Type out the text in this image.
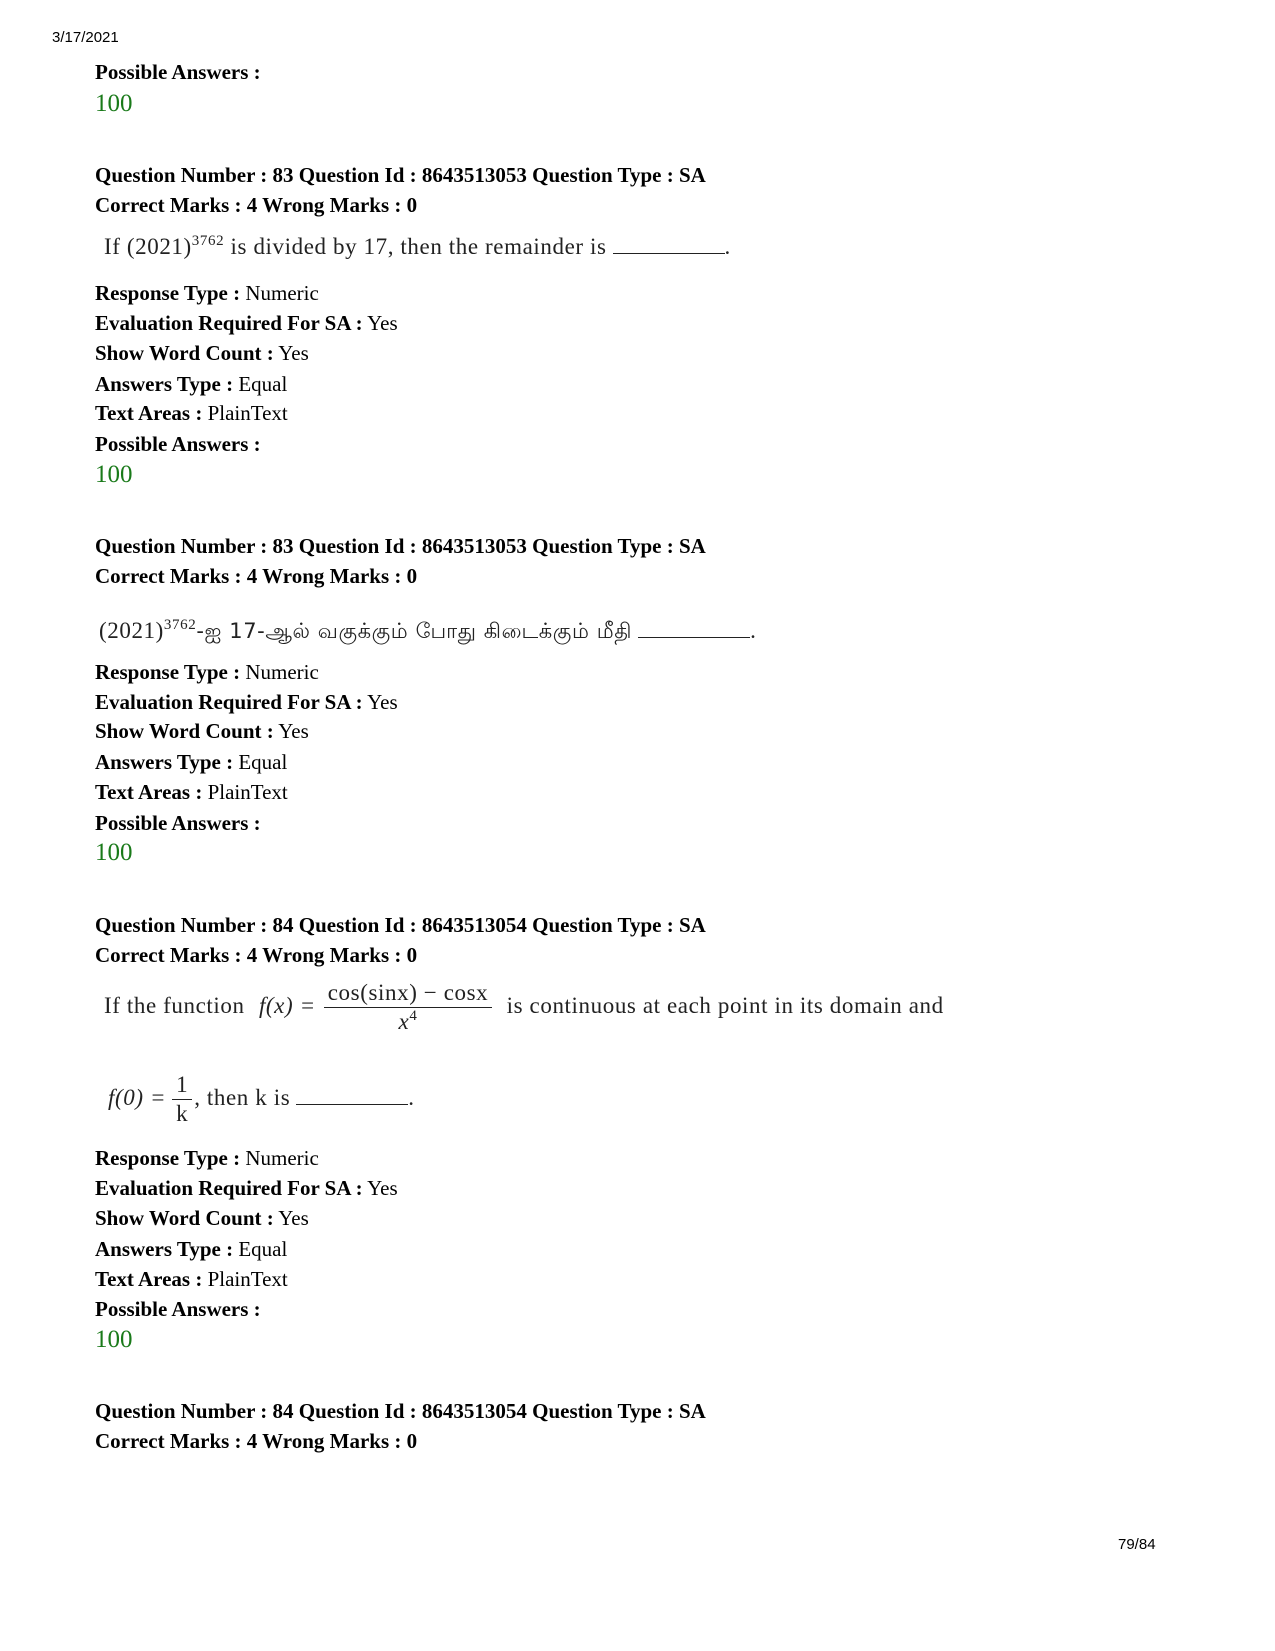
3/17/2021
Possible Answers :
100
Question Number : 83 Question Id : 8643513053 Question Type : SA
Correct Marks : 4 Wrong Marks : 0
If $(2021)^{3762}$ is divided by 17, then the remainder is	.
Response Type : Numeric
Evaluation Required For SA : Yes
Show Word Count : Yes
Answers Type : Equal
Text Areas : PlainText
Possible Answers :
100
Question Number : 83 Question Id : 8643513053 Question Type : SA
Correct Marks : 4 Wrong Marks : 0
$(2021)^{3762}-ஐ$ 17-ஆல் வகுக்கும் போது கிடைக்கும் மீதி	.
Response Type : Numeric
Evaluation Required For SA : Yes
Show Word Count : Yes
Answers Type : Equal
Text Areas : PlainText
Possible Answers :
100
Question Number : 84 Question Id : 8643513054 Question Type : SA
Correct Marks : 4 Wrong Marks : 0
If the function $f(x) = \frac{\cos(\sin x) - \cos x}{x^4}$ is continuous at each point in its domain and
$f(0) = \frac{1}{k}$ , then k is	.
Response Type : Numeric
Evaluation Required For SA : Yes
Show Word Count : Yes
Answers Type : Equal
Text Areas : PlainText
Possible Answers :
100
Question Number : 84 Question Id : 8643513054 Question Type : SA
Correct Marks : 4 Wrong Marks : 0
79/84
